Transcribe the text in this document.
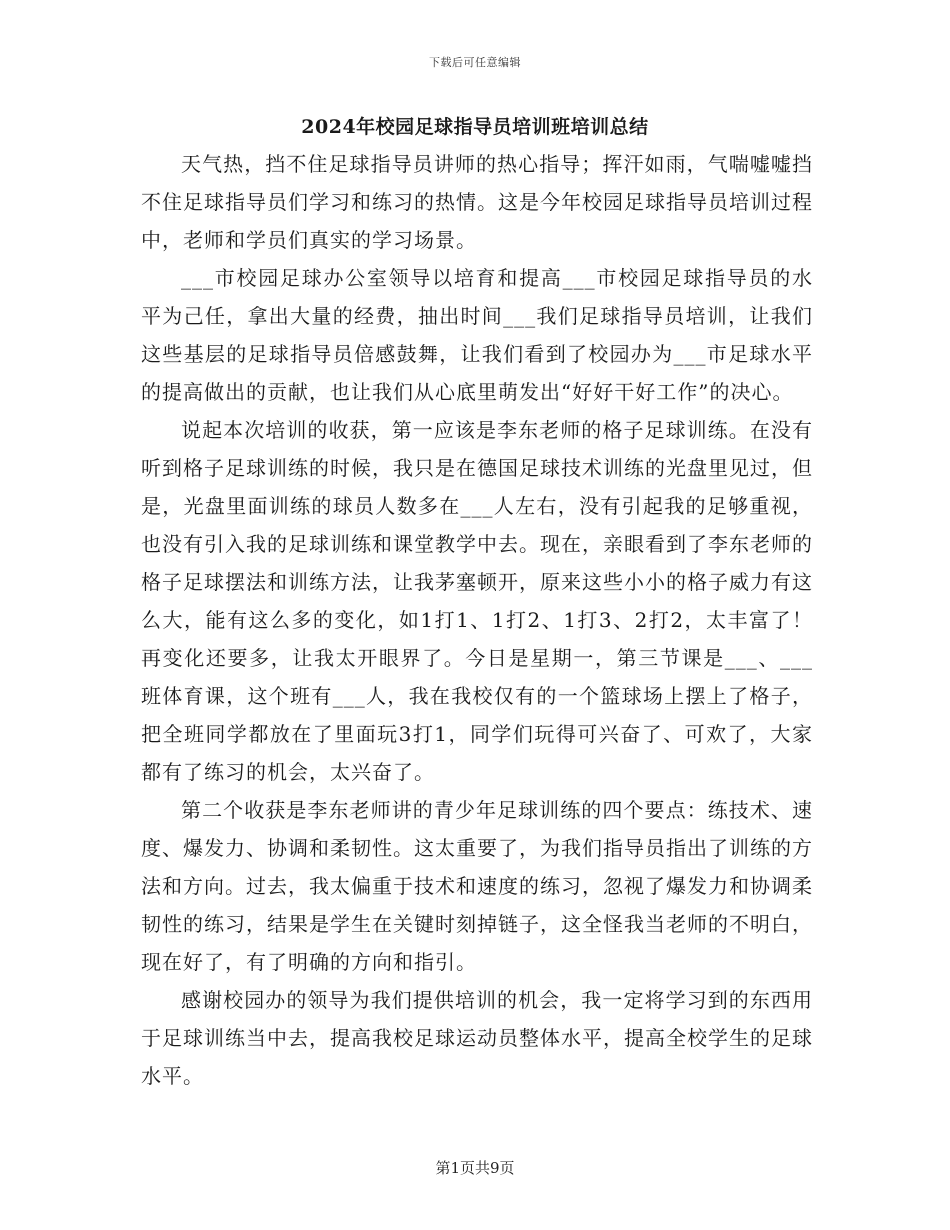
下载后可任意编辑
2024年校园足球指导员培训班培训总结

天气热，挡不住足球指导员讲师的热心指导；挥汗如雨，气喘嘘嘘挡不住足球指导员们学习和练习的热情。这是今年校园足球指导员培训过程中，老师和学员们真实的学习场景。

___市校园足球办公室领导以培育和提高___市校园足球指导员的水平为己任，拿出大量的经费，抽出时间___我们足球指导员培训，让我们这些基层的足球指导员倍感鼓舞，让我们看到了校园办为___市足球水平的提高做出的贡献，也让我们从心底里萌发出“好好干好工作”的决心。

说起本次培训的收获，第一应该是李东老师的格子足球训练。在没有听到格子足球训练的时候，我只是在德国足球技术训练的光盘里见过，但是，光盘里面训练的球员人数多在___人左右，没有引起我的足够重视，也没有引入我的足球训练和课堂教学中去。现在，亲眼看到了李东老师的格子足球摆法和训练方法，让我茅塞顿开，原来这些小小的格子威力有这么大，能有这么多的变化，如1打1、1打2、1打3、2打2，太丰富了！再变化还要多，让我太开眼界了。今日是星期一，第三节课是___、___班体育课，这个班有___人，我在我校仅有的一个篮球场上摆上了格子，把全班同学都放在了里面玩3打1，同学们玩得可兴奋了、可欢了，大家都有了练习的机会，太兴奋了。

第二个收获是李东老师讲的青少年足球训练的四个要点：练技术、速度、爆发力、协调和柔韧性。这太重要了，为我们指导员指出了训练的方法和方向。过去，我太偏重于技术和速度的练习，忽视了爆发力和协调柔韧性的练习，结果是学生在关键时刻掉链子，这全怪我当老师的不明白，现在好了，有了明确的方向和指引。

感谢校园办的领导为我们提供培训的机会，我一定将学习到的东西用于足球训练当中去，提高我校足球运动员整体水平，提高全校学生的足球水平。

第1页共9页
